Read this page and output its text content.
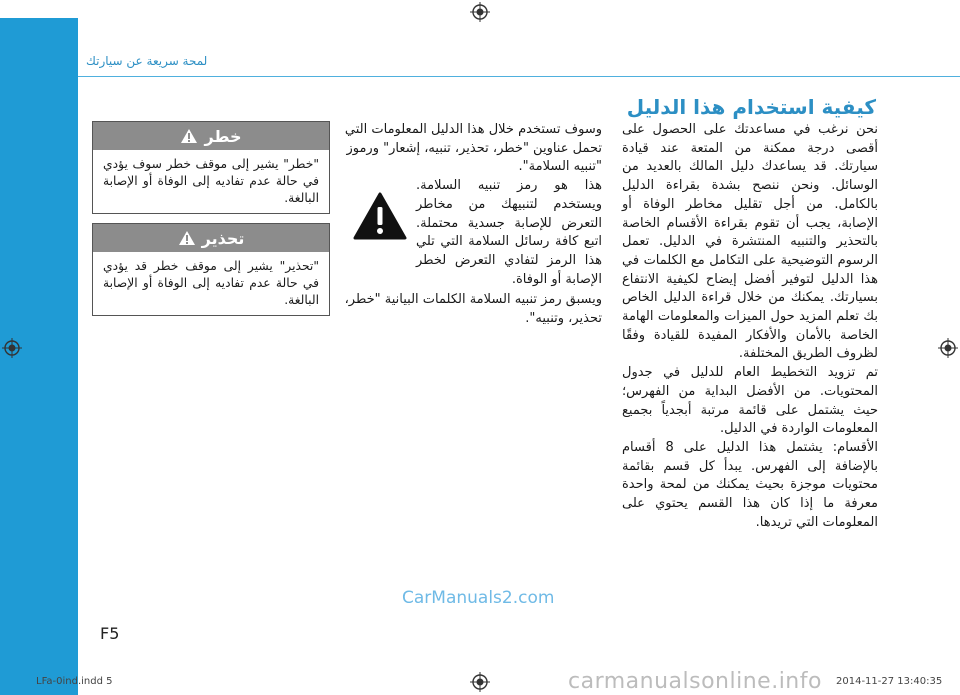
لمحة سريعة عن سيارتك
كيفية استخدام هذا الدليل

نحن نرغب في مساعدتك على الحصول على أقصى درجة ممكنة من المتعة عند قيادة سيارتك. قد يساعدك دليل المالك بالعديد من الوسائل. ونحن ننصح بشدة بقراءة الدليل بالكامل. من أجل تقليل مخاطر الوفاة أو الإصابة، يجب أن تقوم بقراءة الأقسام الخاصة بالتحذير والتنبيه المنتشرة في الدليل. تعمل الرسوم التوضيحية على التكامل مع الكلمات في هذا الدليل لتوفير أفضل إيضاح لكيفية الانتفاع بسيارتك. يمكنك من خلال قراءة الدليل الخاص بك تعلم المزيد حول الميزات والمعلومات الهامة الخاصة بالأمان والأفكار المفيدة للقيادة وفقًا لظروف الطريق المختلفة.

تم تزويد التخطيط العام للدليل في جدول المحتويات. من الأفضل البداية من الفهرس؛ حيث يشتمل على قائمة مرتبة أبجدياً بجميع المعلومات الواردة في الدليل.

الأقسام: يشتمل هذا الدليل على 8 أقسام بالإضافة إلى الفهرس. يبدأ كل قسم بقائمة محتويات موجزة بحيث يمكنك من لمحة واحدة معرفة ما إذا كان هذا القسم يحتوي على المعلومات التي تريدها.

وسوف تستخدم خلال هذا الدليل المعلومات التي تحمل عناوين "خطر، تحذير، تنبيه، إشعار" ورموز "تنبيه السلامة".

هذا هو رمز تنبيه السلامة. ويستخدم لتنبيهك من مخاطر التعرض للإصابة جسدية محتملة. اتبع كافة رسائل السلامة التي تلي هذا الرمز لتفادي التعرض لخطر الإصابة أو الوفاة.

ويسبق رمز تنبيه السلامة الكلمات البيانية "خطر، تحذير، وتنبيه".

خطر
"خطر" يشير إلى موقف خطر سوف يؤدي في حالة عدم تفاديه إلى الوفاة أو الإصابة البالغة.
تحذير
"تحذير" يشير إلى موقف خطر قد يؤدي في حالة عدم تفاديه إلى الوفاة أو الإصابة البالغة.
CarManuals2.com
F5
LFa-0ind.indd 5	carmanualsonline.info 2014-11-27 13:40:35
